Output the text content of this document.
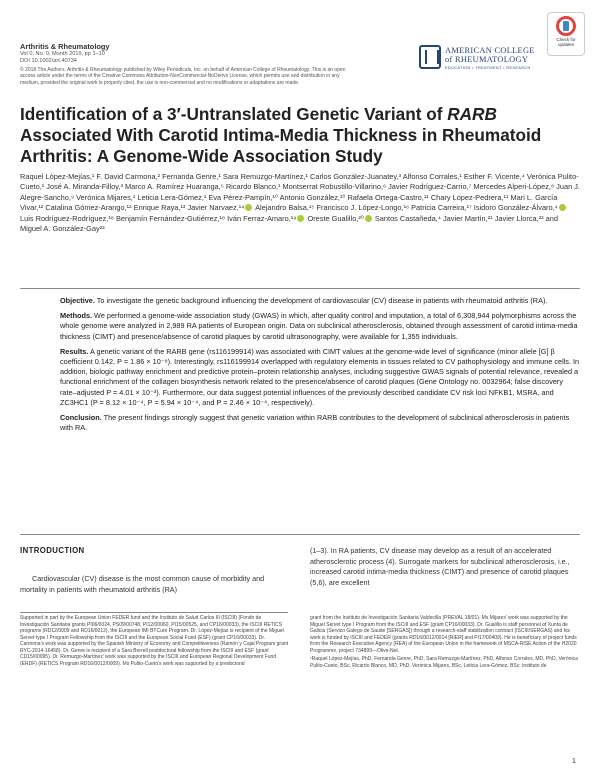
Check for
updates
Arthritis & Rheumatology
Vol 0, No. 0, Month 2019, pp 1–10
DOI 10.1002/art.40734
© 2018 The Authors. Arthritis & Rheumatology published by Wiley Periodicals, Inc. on behalf of American College of Rheumatology. This is an open access article under the terms of the Creative Commons Attribution-NonCommercial-NoDerivs License, which permits use and distribution in any medium, provided the original work is properly cited, the use is non-commercial and no modifications or adaptations are made.
AMERICAN COLLEGE
of RHEUMATOLOGY
EDUCATION • TREATMENT • RESEARCH
Identification of a 3′-Untranslated Genetic Variant of RARB Associated With Carotid Intima-Media Thickness in Rheumatoid Arthritis: A Genome-Wide Association Study
Raquel López-Mejías,¹ F. David Carmona,² Fernanda Genre,¹ Sara Remuzgo-Martínez,¹ Carlos González-Juanatey,³ Alfonso Corrales,¹ Esther F. Vicente,⁴ Verónica Pulito-Cueto,¹ José A. Miranda-Filloy,³ Marco A. Ramírez Huaranga,⁵ Ricardo Blanco,¹ Montserrat Robustillo-Villarino,⁶ Javier Rodríguez-Carrio,⁷ Mercedes Alperi-López,⁸ Juan J. Alegre-Sancho,⁹ Verónica Mijares,¹ Leticia Lera-Gómez,¹ Eva Pérez-Pampín,¹⁰ Antonio González,¹⁰ Rafaela Ortega-Castro,¹¹ Chary López-Pedrera,¹¹ Mari L. García Vivar,¹² Catalina Gómez-Arango,¹² Enrique Raya,¹³ Javier Narvaez,¹⁴ Alejandro Balsa,¹⁵ Francisco J. López-Longo,¹⁶ Patricia Carreira,¹⁷ Isidoro González-Álvaro,⁴ Luis Rodríguez-Rodríguez,¹⁸ Benjamín Fernández-Gutiérrez,¹⁸ Iván Ferraz-Amaro,¹⁹ Oreste Gualillo,²⁰ Santos Castañeda,⁴ Javier Martín,²¹ Javier Llorca,²² and Miguel A. González-Gay²³

Objective. To investigate the genetic background influencing the development of cardiovascular (CV) disease in patients with rheumatoid arthritis (RA).

Methods. We performed a genome-wide association study (GWAS) in which, after quality control and imputation, a total of 6,308,944 polymorphisms across the whole genome were analyzed in 2,989 RA patients of European origin. Data on subclinical atherosclerosis, obtained through assessment of carotid intima-media thickness (CIMT) and presence/absence of carotid plaques by carotid ultrasonography, were available for 1,355 individuals.

Results. A genetic variant of the RARB gene (rs116199914) was associated with CIMT values at the genome-wide level of significance (minor allele [G] β coefficient 0.142, P = 1.86 × 10⁻⁸). Interestingly, rs116199914 overlapped with regulatory elements in tissues related to CV pathophysiology and immune cells. In addition, biologic pathway enrichment and predictive protein–protein relationship analyses, including suggestive GWAS signals of potential relevance, revealed a functional enrichment of the collagen biosynthesis network related to the presence/absence of carotid plaques (Gene Ontology no. 0032964; false discovery rate–adjusted P = 4.01 × 10⁻³). Furthermore, our data suggest potential influences of the previously described candidate CV risk loci NFKB1, MSRA, and ZC3HC1 (P = 8.12 × 10⁻⁴, P = 5.94 × 10⁻⁴, and P = 2.46 × 10⁻⁴, respectively).

Conclusion. The present findings strongly suggest that genetic variation within RARB contributes to the development of subclinical atherosclerosis in patients with RA.

INTRODUCTION

Cardiovascular (CV) disease is the most common cause of morbidity and mortality in patients with rheumatoid arthritis (RA)

(1–3). In RA patients, CV disease may develop as a result of an accelerated atherosclerotic process (4). Surrogate markers for subclinical atherosclerosis, i.e., increased carotid intima-media thickness (CIMT) and presence of carotid plaques (5,6), are excellent

Supported in part by the European Union FEDER fund and the Instituto de Salud Carlos III (ISCIII) (Fondo de Investigación Sanitaria grants PI06/0024, PS09/00748, PI12/00060, PI15/00525, and CP16/00033), the ISCIII RETICS programs (RD12/0009 and RD16/0012), the European IMI BTCure Program. Dr. López-Mejías is recipient of the Miguel Servet type I Program Fellowship from the ISCIII and the European Social Fund (ESF) (grant CP16/00033). Dr. Carmona's work was supported by the Spanish Ministry of Economy and Competitiveness (Ramón y Cajal Program grant RYC-2014-16458). Dr. Genre is recipient of a Sara Borrell postdoctoral fellowship from the ISCIII and ESF (grant CD15/00095). Dr. Remuzgo-Martínez' work was supported by the ISCIII and European Regional Development Fund (ERDF) (RETICS Program RD16/0012/0009). Ms Pulito-Cueto's work was supported by a predoctoral
grant from the Instituto de Investigación Sanitaria Valdecilla (PREVAL 18/01). Ms Mijares' work was supported by the Miguel Servet type I Program from the ISCIII and ESF (grant CP16/00033). Dr. Gualillo is staff personnel of Xunta de Galicia (Servizo Galego de Saude [SERGAS]) through a research-staff stabilization contract (ISCIII/SERGAS) and his work is funded by ISCIII and FEDER (grants RD16/0012/0014 [RIER] and PI17/00409). He is beneficiary of project funds from the Research Executive Agency (REA) of the European Union in the framework of MSCA-RISE Action of the H2020 Programme, project 734899—Olive-Net.
¹Raquel López-Mejías, PhD, Fernanda Genre, PhD, Sara Remuzgo-Martínez, PhD, Alfonso Corrales, MD, PhD, Verónica Pulito-Cueto, BSc, Ricardo Blanco, MD, PhD, Verónica Mijares, BSc, Leticia Lera-Gómez, BSc: Instituto de
1
